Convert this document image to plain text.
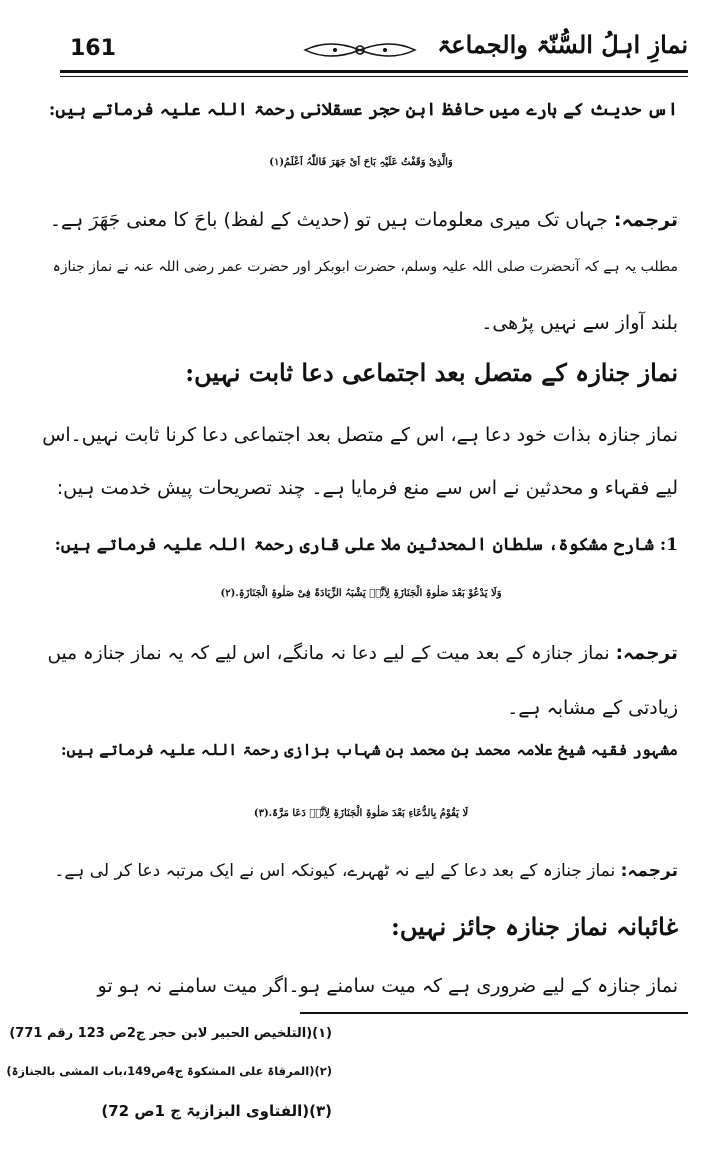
161	نمازِ اہلُ السُّنّۃ والجماعۃ
اس حدیث کے بارے میں حافظ ابن حجر عسقلانی رحمۃ اللہ علیہ فرماتے ہیں:
وَالَّذِیْ وَقَفْتُ عَلَیْہِ بَاحَ اَیْ جَھَرَ فَاللّٰہُ اَعْلَمُ(۱)
ترجمہ: جہاں تک میری معلومات ہیں تو (حدیث کے لفظ) باحَ کا معنی جَھَرَ ہے۔
مطلب یہ ہے کہ آنحضرت صلی اللہ علیہ وسلم، حضرت ابوبکر اور حضرت عمر رضی اللہ عنہ نے نماز جنازہ
بلند آواز سے نہیں پڑھی۔
نماز جنازہ کے متصل بعد اجتماعی دعا ثابت نہیں:
نماز جنازہ بذات خود دعا ہے، اس کے متصل بعد اجتماعی دعا کرنا ثابت نہیں۔اس
لیے فقہاء و محدثین نے اس سے منع فرمایا ہے۔ چند تصریحات پیش خدمت ہیں:
1: شارح مشکوۃ، سلطان المحدثین ملا علی قاری رحمۃ اللہ علیہ فرماتے ہیں:
وَلَا یَدْعُوْ بَعْدَ صَلٰوۃِ الْجَنَازَۃِ لِاَنَّہٗ یَشْبَہُ الزِّیَادَۃَ فِیْ صَلٰوۃِ الْجَنَازَۃِ.(۲)
ترجمہ: نماز جنازہ کے بعد میت کے لیے دعا نہ مانگے، اس لیے کہ یہ نماز جنازہ میں
زیادتی کے مشابہ ہے۔
مشہور فقیہ شیخ علامہ محمد بن محمد بن شہاب بزازی رحمۃ اللہ علیہ فرماتے ہیں:
لَا یَقُوْمُ بِالدُّعَاءِ بَعْدَ صَلٰوۃِ الْجَنَازَۃِ لِاَنَّہٗ دَعَا مَرَّۃً.(۳)
ترجمہ: نماز جنازہ کے بعد دعا کے لیے نہ ٹھہرے، کیونکہ اس نے ایک مرتبہ دعا کر لی ہے۔
غائبانہ نماز جنازہ جائز نہیں:
نماز جنازہ کے لیے ضروری ہے کہ میت سامنے ہو۔اگر میت سامنے نہ ہو تو
(۱)(التلخیص الحبیر لابن حجر ج2ص 123 رقم 771)
(۲)(المرقاۃ علی المشکوۃ ج4ص149،باب المشی بالجنازۃ)
(۳)(الفتاوی البزازیۃ ج 1ص 72)
